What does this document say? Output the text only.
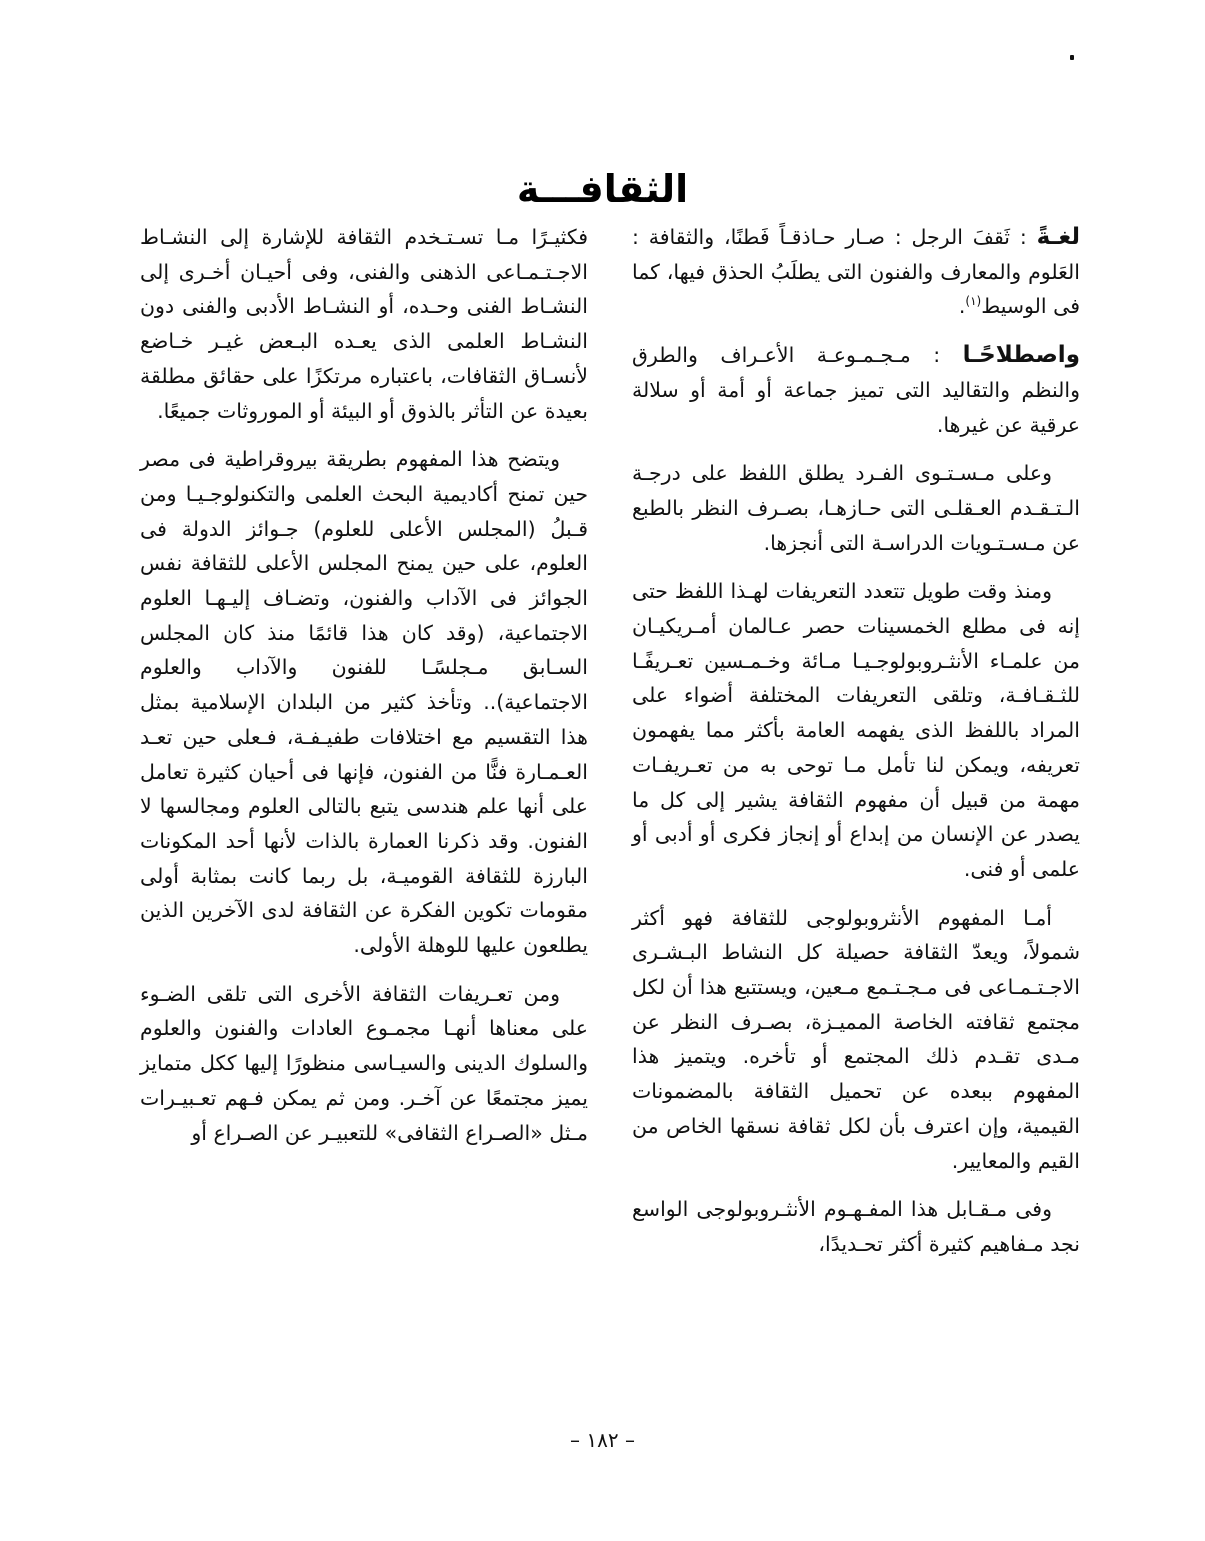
الثقافـــة

لغـةً : ثَقفَ الرجل : صـار حـاذقـاً فَطنًا، والثقافة : العَلوم والمعارف والفنون التى يطلَبُ الحذق فيها، كما فى الوسيط$^{(١)}$.

واصطلاحًـا : مـجـمـوعـة الأعـراف والطرق والنظم والتقاليد التى تميز جماعة أو أمة أو سلالة عرقية عن غيرها.

وعلى مـسـتـوى الفـرد يطلق اللفظ على درجـة الـتـقـدم العـقلـى التى حـازهـا، بصـرف النظر بالطبع عن مـسـتـويات الدراسـة التى أنجزها.

ومنذ وقت طويل تتعدد التعريفات لهـذا اللفظ حتى إنه فى مطلع الخمسينات حصر عـالمان أمـريكيـان من علمـاء الأنثـروبولوجـيـا مـائة وخـمـسين تعـريفًـا للثـقـافـة، وتلقى التعريفات المختلفة أضواء على المراد باللفظ الذى يفهمه العامة بأكثر مما يفهمون تعريفه، ويمكن لنا تأمل مـا توحى به من تعـريفـات مهمة من قبيل أن مفهوم الثقافة يشير إلى كل ما يصدر عن الإنسان من إبداع أو إنجاز فكرى أو أدبى أو علمى أو فنى.

أمـا المفهوم الأنثروبولوجى للثقافة فهو أكثر شمولاً، ويعدّ الثقافة حصيلة كل النشاط البـشـرى الاجـتـمـاعى فى مـجـتـمع مـعين، ويستتبع هذا أن لكل مجتمع ثقافته الخاصة المميـزة، بصـرف النظر عن مـدى تقـدم ذلك المجتمع أو تأخره. ويتميز هذا المفهوم ببعده عن تحميل الثقافة بالمضمونات القيمية، وإن اعترف بأن لكل ثقافة نسقها الخاص من القيم والمعايير.

وفى مـقـابل هذا المفـهـوم الأنثـروبولوجى الواسع نجد مـفاهيم كثيرة أكثر تحـديدًا،

فكثيـرًا مـا تسـتـخدم الثقافة للإشارة إلى النشـاط الاجـتـمـاعى الذهنى والفنى، وفى أحيـان أخـرى إلى النشـاط الفنى وحـده، أو النشـاط الأدبى والفنى دون النشـاط العلمى الذى يعـده البـعض غيـر خـاضع لأنسـاق الثقافات، باعتباره مرتكزًا على حقائق مطلقة بعيدة عن التأثر بالذوق أو البيئة أو الموروثات جميعًا.

ويتضح هذا المفهوم بطريقة بيروقراطية فى مصر حين تمنح أكاديمية البحث العلمى والتكنولوجـيـا ومن قـبلُ (المجلس الأعلى للعلوم) جـوائز الدولة فى العلوم، على حين يمنح المجلس الأعلى للثقافة نفس الجوائز فى الآداب والفنون، وتضـاف إليـهـا العلوم الاجتماعية، (وقد كان هذا قائمًا منذ كان المجلس السـابق مـجلسًـا للفنون والآداب والعلوم الاجتماعية).. وتأخذ كثير من البلدان الإسلامية بمثل هذا التقسيم مع اختلافات طفيـفـة، فـعلى حين تعـد العـمـارة فنًّا من الفنون، فإنها فى أحيان كثيرة تعامل على أنها علم هندسى يتبع بالتالى العلوم ومجالسها لا الفنون. وقد ذكرنا العمارة بالذات لأنها أحد المكونات البارزة للثقافة القوميـة، بل ربما كانت بمثابة أولى مقومات تكوين الفكرة عن الثقافة لدى الآخرين الذين يطلعون عليها للوهلة الأولى.

ومن تعـريفات الثقافة الأخرى التى تلقى الضـوء على معناها أنهـا مجمـوع العادات والفنون والعلوم والسلوك الدينى والسيـاسى منظورًا إليها ككل متمايز يميز مجتمعًا عن آخـر. ومن ثم يمكن فـهم تعـبيـرات مـثل «الصـراع الثقافى» للتعبيـر عن الصـراع أو

– ١٨٢ –
